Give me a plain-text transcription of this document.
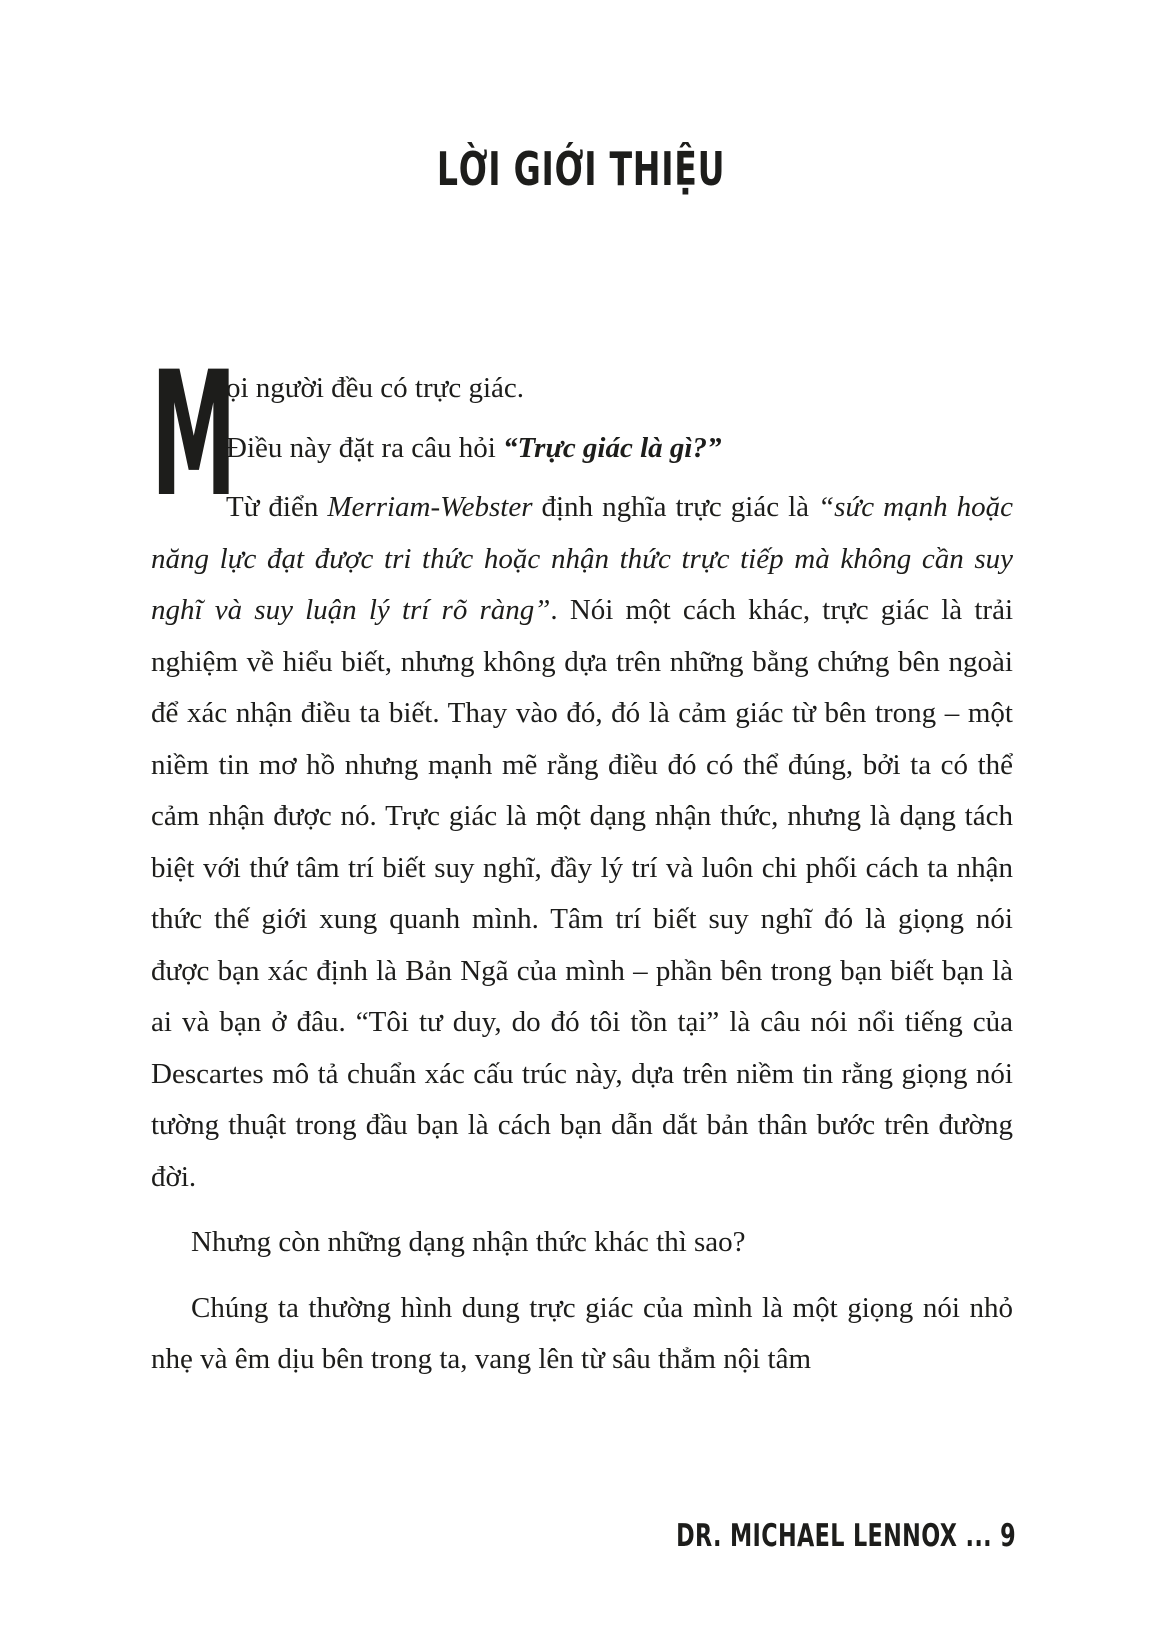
LỜI GIỚI THIỆU
M
ọi người đều có trực giác.
Điều này đặt ra câu hỏi “Trực giác là gì?”

Từ điển Merriam-Webster định nghĩa trực giác là “sức mạnh hoặc năng lực đạt được tri thức hoặc nhận thức trực tiếp mà không cần suy nghĩ và suy luận lý trí rõ ràng”. Nói một cách khác, trực giác là trải nghiệm về hiểu biết, nhưng không dựa trên những bằng chứng bên ngoài để xác nhận điều ta biết. Thay vào đó, đó là cảm giác từ bên trong – một niềm tin mơ hồ nhưng mạnh mẽ rằng điều đó có thể đúng, bởi ta có thể cảm nhận được nó. Trực giác là một dạng nhận thức, nhưng là dạng tách biệt với thứ tâm trí biết suy nghĩ, đầy lý trí và luôn chi phối cách ta nhận thức thế giới xung quanh mình. Tâm trí biết suy nghĩ đó là giọng nói được bạn xác định là Bản Ngã của mình – phần bên trong bạn biết bạn là ai và bạn ở đâu. “Tôi tư duy, do đó tôi tồn tại” là câu nói nổi tiếng của Descartes mô tả chuẩn xác cấu trúc này, dựa trên niềm tin rằng giọng nói tường thuật trong đầu bạn là cách bạn dẫn dắt bản thân bước trên đường đời.

Nhưng còn những dạng nhận thức khác thì sao?

Chúng ta thường hình dung trực giác của mình là một giọng nói nhỏ nhẹ và êm dịu bên trong ta, vang lên từ sâu thẳm nội tâm

DR. MICHAEL LENNOX ... 9
